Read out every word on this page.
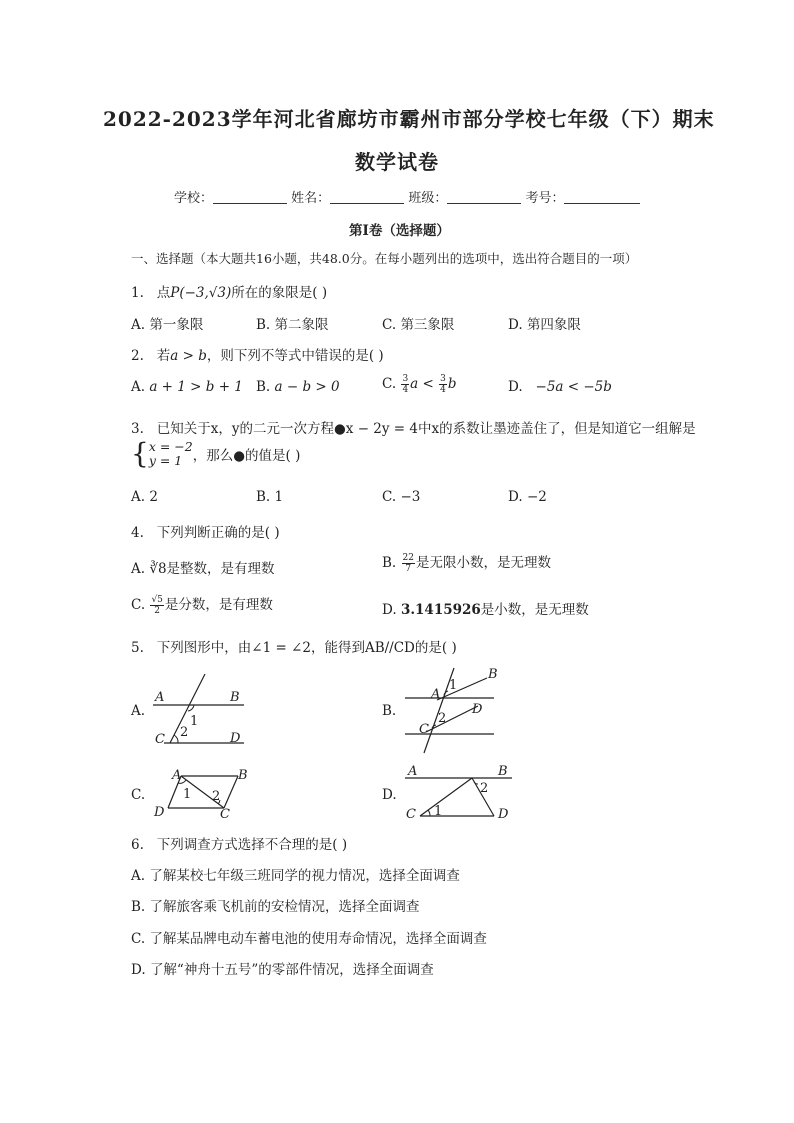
2022-2023学年河北省廊坊市霸州市部分学校七年级（下）期末
数学试卷
学校：	姓名：	班级：	考号：
第I卷（选择题）
一、选择题（本大题共16小题，共48.0分。在每小题列出的选项中，选出符合题目的一项）
1. 点P(−3,√3)所在的象限是( )
A. 第一象限	B. 第二象限	C. 第三象限	D. 第四象限
2. 若a > b，则下列不等式中错误的是( )
A. a + 1 > b + 1 B. a − b > 0	C. $\frac{3}{4}$ $a < \frac{3}{4}$ b	D. −5a < −5b
3. 已知关于x，y的二元一次方程●x − 2y = 4中x的系数让墨迹盖住了，但是知道它一组解是
{ x = −2
y = 1 ，那么●的值是( )
A. 2	B. 1	C. −3	D. −2
4. 下列判断正确的是( )
A. ∛8是整数，是有理数	B. $\frac{22}{7}$ 是无限小数，是无理数
C. $\frac{√5}{2}$ 是分数，是有理数	D. 3.1415926是小数，是无理数
5. 下列图形中，由∠1 = ∠2，能得到AB//CD的是( )
A.
A	B
C	D
1
2
B.
B
A
D
C
1
2
C.
A	B
D	C
1 2	D.
A	B
C	D
1
2
6. 下列调查方式选择不合理的是( )
A. 了解某校七年级三班同学的视力情况，选择全面调查
B. 了解旅客乘飞机前的安检情况，选择全面调查
C. 了解某品牌电动车蓄电池的使用寿命情况，选择全面调查
D. 了解“神舟十五号”的零部件情况，选择全面调查
